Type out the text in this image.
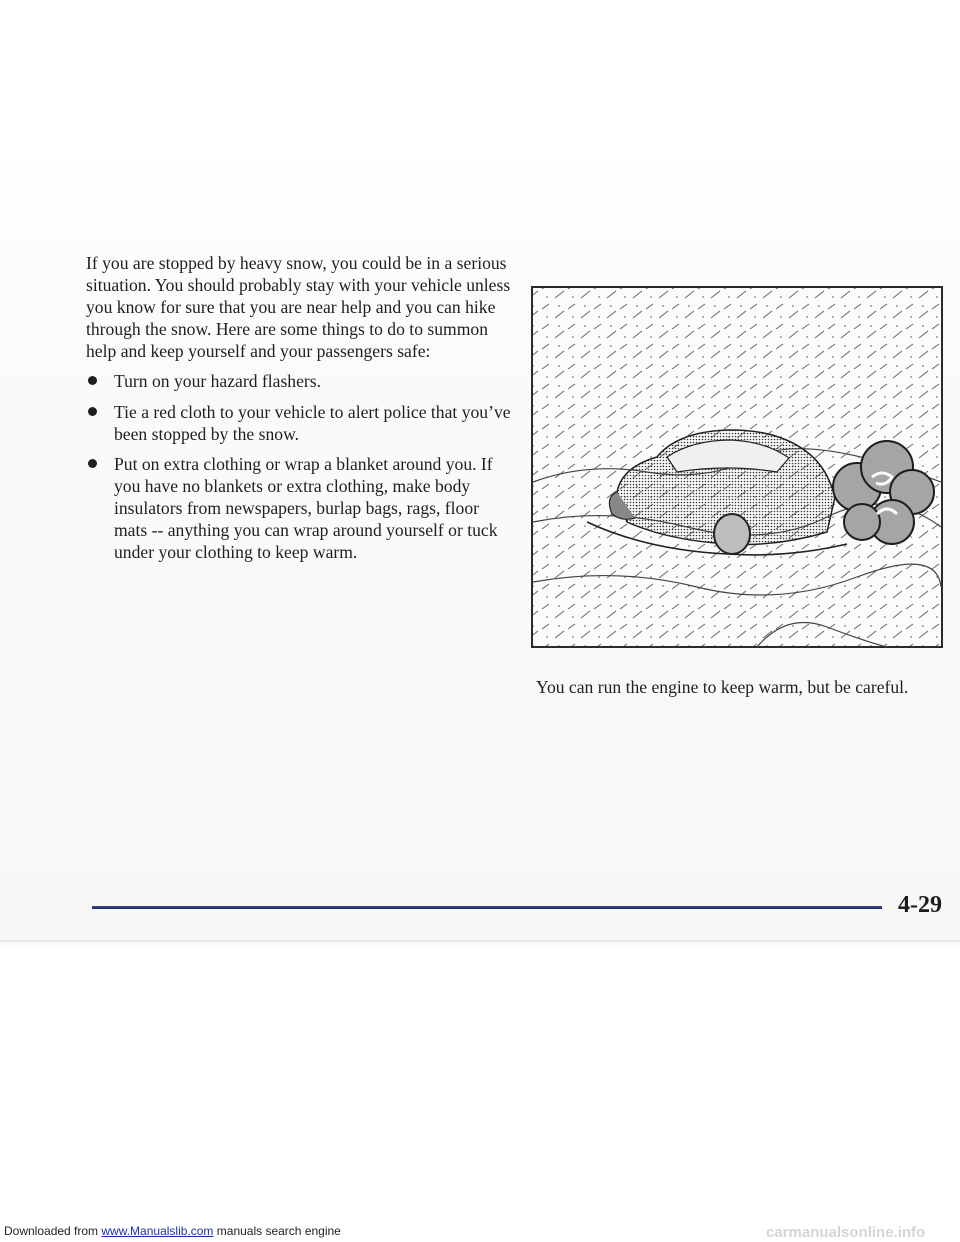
If you are stopped by heavy snow, you could be in a serious situation. You should probably stay with your vehicle unless you know for sure that you are near help and you can hike through the snow. Here are some things to do to summon help and keep yourself and your passengers safe:

Turn on your hazard flashers.
Tie a red cloth to your vehicle to alert police that you’ve been stopped by the snow.
Put on extra clothing or wrap a blanket around you. If you have no blankets or extra clothing, make body insulators from newspapers, burlap bags, rags, floor mats -- anything you can wrap around yourself or tuck under your clothing to keep warm.
You can run the engine to keep warm, but be careful.
4-29
Downloaded from www.Manualslib.com manuals search engine	carmanualsonline.info
